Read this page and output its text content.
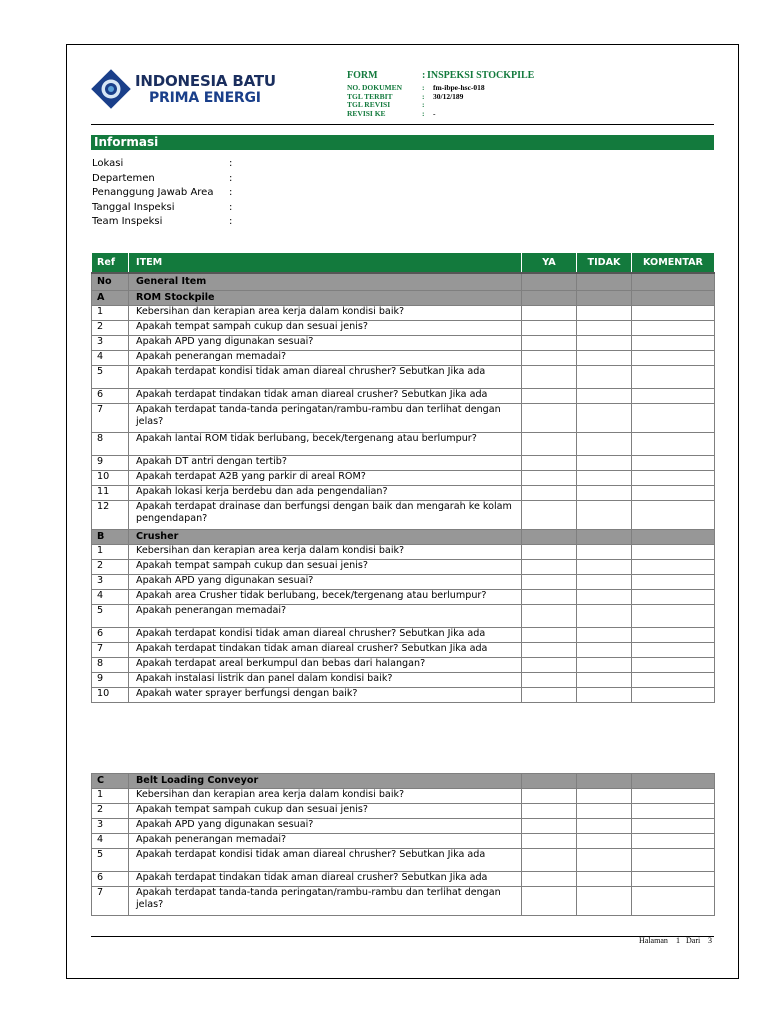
INDONESIA BATU
PRIMA ENERGI
FORM	: INSPEKSI STOCKPILE
NO. DOKUMEN	: fm-ibpe-hsc-018
TGL TERBIT	: 30/12/189
TGL REVISI	:
REVISI KE	: -
Informasi
Lokasi	:
Departemen	:
Penanggung Jawab Area :
Tanggal Inspeksi	:
Team Inspeksi	:
Ref	ITEM	YA	TIDAK	KOMENTAR
No	General Item			
A	ROM Stockpile			
1	Kebersihan dan kerapian area kerja dalam kondisi baik?			
2	Apakah tempat sampah cukup dan sesuai jenis?			
3	Apakah APD yang digunakan sesuai?			
4	Apakah penerangan memadai?			
5	Apakah terdapat kondisi tidak aman diareal chrusher? Sebutkan Jika ada			
6	Apakah terdapat tindakan tidak aman diareal crusher? Sebutkan Jika ada			
7	Apakah terdapat tanda-tanda peringatan/rambu-rambu dan terlihat dengan jelas?			
8	Apakah lantai ROM tidak berlubang, becek/tergenang atau berlumpur?			
9	Apakah DT antri dengan tertib?			
10	Apakah terdapat A2B yang parkir di areal ROM?			
11	Apakah lokasi kerja berdebu dan ada pengendalian?			
12	Apakah terdapat drainase dan berfungsi dengan baik dan mengarah ke kolam pengendapan?			
B	Crusher			
1	Kebersihan dan kerapian area kerja dalam kondisi baik?			
2	Apakah tempat sampah cukup dan sesuai jenis?			
3	Apakah APD yang digunakan sesuai?			
4	Apakah area Crusher tidak berlubang, becek/tergenang atau berlumpur?			
5	Apakah penerangan memadai?			
6	Apakah terdapat kondisi tidak aman diareal chrusher? Sebutkan Jika ada			
7	Apakah terdapat tindakan tidak aman diareal crusher? Sebutkan Jika ada			
8	Apakah terdapat areal berkumpul dan bebas dari halangan?			
9	Apakah instalasi listrik dan panel dalam kondisi baik?			
10	Apakah water sprayer berfungsi dengan baik?			
C	Belt Loading Conveyor			
1	Kebersihan dan kerapian area kerja dalam kondisi baik?			
2	Apakah tempat sampah cukup dan sesuai jenis?			
3	Apakah APD yang digunakan sesuai?			
4	Apakah penerangan memadai?			
5	Apakah terdapat kondisi tidak aman diareal chrusher? Sebutkan Jika ada			
6	Apakah terdapat tindakan tidak aman diareal crusher? Sebutkan Jika ada			
7	Apakah terdapat tanda-tanda peringatan/rambu-rambu dan terlihat dengan jelas?			
Halaman 1 Dari 3
